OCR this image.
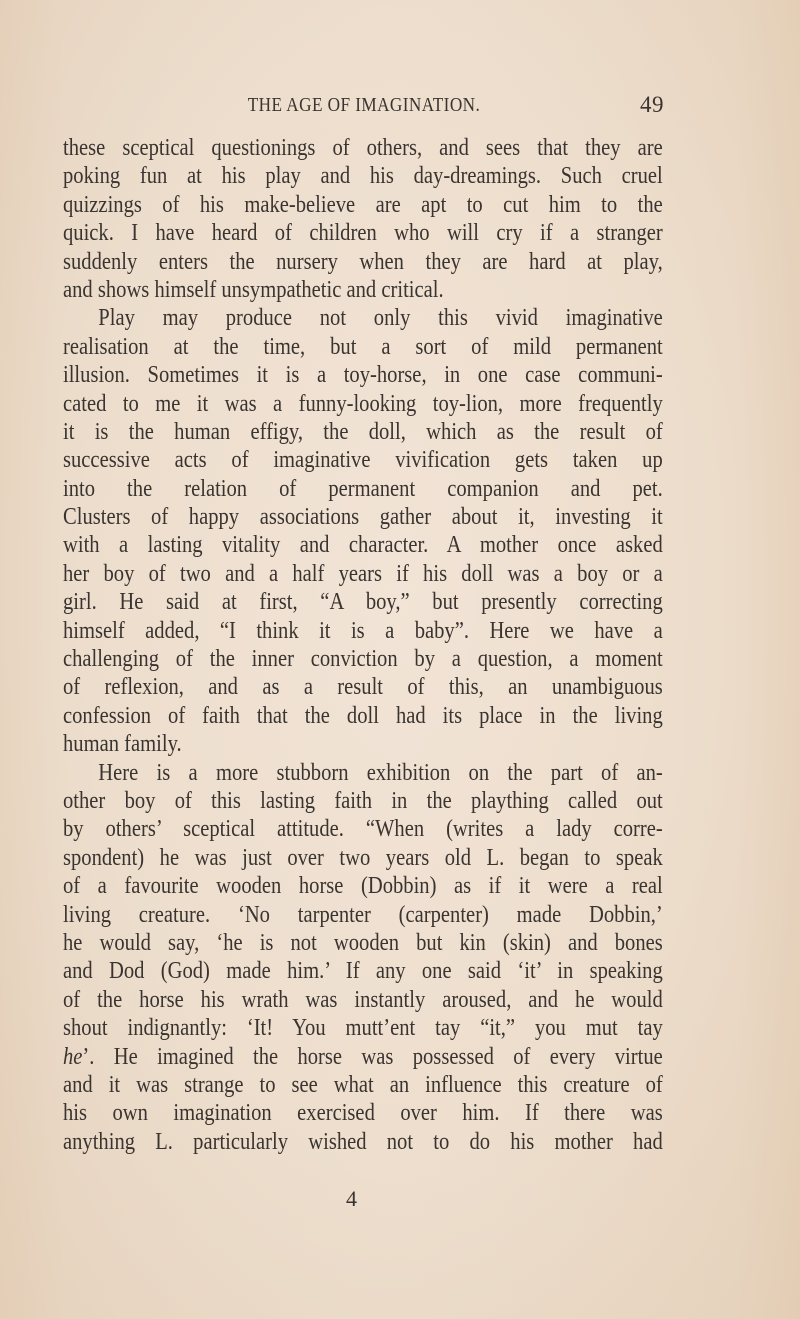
THE AGE OF IMAGINATION.	49
these sceptical questionings of others, and sees that they are
poking fun at his play and his day-dreamings. Such cruel
quizzings of his make-believe are apt to cut him to the
quick. I have heard of children who will cry if a stranger
suddenly enters the nursery when they are hard at play,
and shows himself unsympathetic and critical.
Play may produce not only this vivid imaginative
realisation at the time, but a sort of mild permanent
illusion. Sometimes it is a toy-horse, in one case communi-
cated to me it was a funny-looking toy-lion, more frequently
it is the human effigy, the doll, which as the result of
successive acts of imaginative vivification gets taken up
into the relation of permanent companion and pet.
Clusters of happy associations gather about it, investing it
with a lasting vitality and character. A mother once asked
her boy of two and a half years if his doll was a boy or a
girl. He said at first, “A boy,” but presently correcting
himself added, “I think it is a baby”. Here we have a
challenging of the inner conviction by a question, a moment
of reflexion, and as a result of this, an unambiguous
confession of faith that the doll had its place in the living
human family.
Here is a more stubborn exhibition on the part of an-
other boy of this lasting faith in the plaything called out
by others’ sceptical attitude. “When (writes a lady corre-
spondent) he was just over two years old L. began to speak
of a favourite wooden horse (Dobbin) as if it were a real
living creature. ‘No tarpenter (carpenter) made Dobbin,’
he would say, ‘he is not wooden but kin (skin) and bones
and Dod (God) made him.’ If any one said ‘it’ in speaking
of the horse his wrath was instantly aroused, and he would
shout indignantly: ‘It! You mutt’ent tay “it,” you mut tay
he’. He imagined the horse was possessed of every virtue
and it was strange to see what an influence this creature of
his own imagination exercised over him. If there was
anything L. particularly wished not to do his mother had
4
